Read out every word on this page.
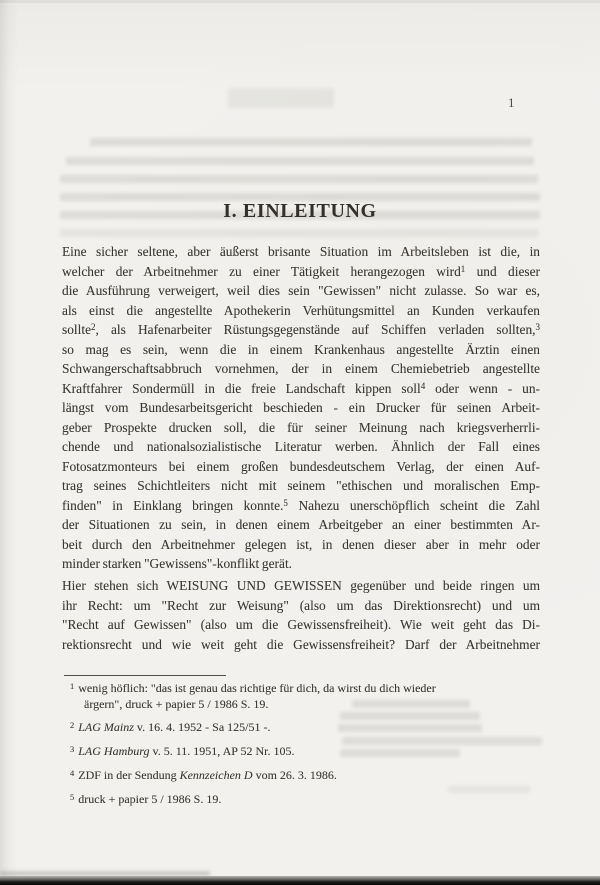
1
I. EINLEITUNG
Eine sicher seltene, aber äußerst brisante Situation im Arbeitsleben ist die, in
welcher der Arbeitnehmer zu einer Tätigkeit herangezogen wird$^1$ und dieser
die Ausführung verweigert, weil dies sein "Gewissen" nicht zulasse. So war es,
als einst die angestellte Apothekerin Verhütungsmittel an Kunden verkaufen
sollte$^2$, als Hafenarbeiter Rüstungsgegenstände auf Schiffen verladen sollten,$^3$
so mag es sein, wenn die in einem Krankenhaus angestellte Ärztin einen
Schwangerschaftsabbruch vornehmen, der in einem Chemiebetrieb angestellte
Kraftfahrer Sondermüll in die freie Landschaft kippen soll$^4$ oder wenn - un-
längst vom Bundesarbeitsgericht beschieden - ein Drucker für seinen Arbeit-
geber Prospekte drucken soll, die für seiner Meinung nach kriegsverherrli-
chende und nationalsozialistische Literatur werben. Ähnlich der Fall eines
Fotosatzmonteurs bei einem großen bundesdeutschem Verlag, der einen Auf-
trag seines Schichtleiters nicht mit seinem "ethischen und moralischen Emp-
finden" in Einklang bringen konnte.$^5$ Nahezu unerschöpflich scheint die Zahl
der Situationen zu sein, in denen einem Arbeitgeber an einer bestimmten Ar-
beit durch den Arbeitnehmer gelegen ist, in denen dieser aber in mehr oder
minder starken "Gewissens"-konflikt gerät.
Hier stehen sich WEISUNG UND GEWISSEN gegenüber und beide ringen um
ihr Recht: um "Recht zur Weisung" (also um das Direktionsrecht) und um
"Recht auf Gewissen" (also um die Gewissensfreiheit). Wie weit geht das Di-
rektionsrecht und wie weit geht die Gewissensfreiheit? Darf der Arbeitnehmer
$^1$ wenig höflich: "das ist genau das richtige für dich, da wirst du dich wieder
ärgern", druck + papier 5 / 1986 S. 19.
$^2$ LAG Mainz v. 16. 4. 1952 - Sa 125/51 -.
$^3$ LAG Hamburg v. 5. 11. 1951, AP 52 Nr. 105.
$^4$ ZDF in der Sendung Kennzeichen D vom 26. 3. 1986.
$^5$ druck + papier 5 / 1986 S. 19.
